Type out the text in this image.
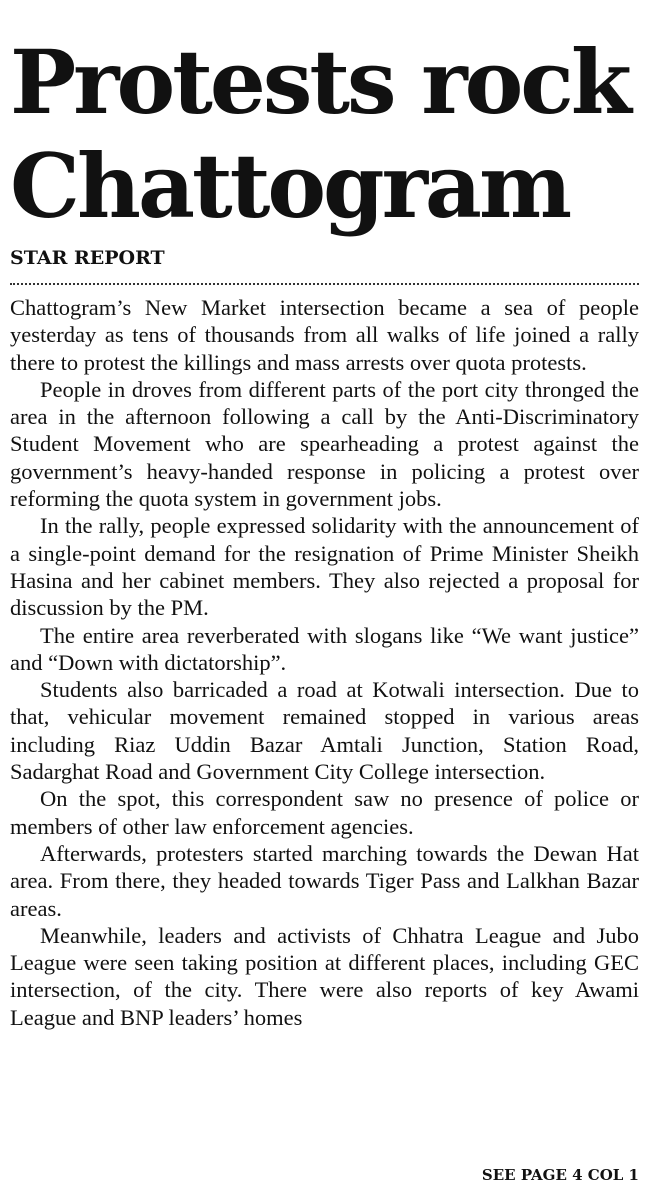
Protests rock
Chattogram
STAR REPORT

Chattogram’s New Market intersection became a sea of people yesterday as tens of thousands from all walks of life joined a rally there to protest the killings and mass arrests over quota protests.

People in droves from different parts of the port city thronged the area in the afternoon following a call by the Anti-Discriminatory Student Movement who are spearheading a protest against the government’s heavy-handed response in policing a protest over reforming the quota system in government jobs.

In the rally, people expressed solidarity with the announcement of a single-point demand for the resignation of Prime Minister Sheikh Hasina and her cabinet members. They also rejected a proposal for discussion by the PM.

The entire area reverberated with slogans like “We want justice” and “Down with dictatorship”.

Students also barricaded a road at Kotwali intersection. Due to that, vehicular movement remained stopped in various areas including Riaz Uddin Bazar Amtali Junction, Station Road, Sadarghat Road and Government City College intersection.

On the spot, this correspondent saw no presence of police or members of other law enforcement agencies.

Afterwards, protesters started marching towards the Dewan Hat area. From there, they headed towards Tiger Pass and Lalkhan Bazar areas.

Meanwhile, leaders and activists of Chhatra League and Jubo League were seen taking position at different places, including GEC intersection, of the city. There were also reports of key Awami League and BNP leaders’ homes

SEE PAGE 4 COL 1
